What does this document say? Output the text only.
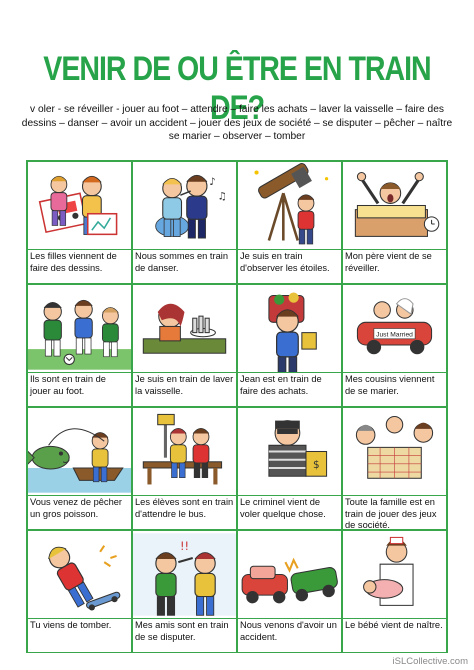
VENIR DE OU ÊTRE EN TRAIN DE?
v oler - se réveiller - jouer au foot – attendre – faire les achats – laver la vaisselle – faire des
dessins – danser – avoir un accident – jouer des jeux de société – se disputer – pêcher – naître
se marier – observer – tomber
Les filles viennent de faire des dessins.
♪
♫
Nous sommes en train de danser.
Je suis en train d'observer les étoiles.
Mon père vient de se réveiller.
Ils sont en train de jouer au foot.
Je suis en train de laver la vaisselle.
Jean est en train de faire des achats.
Just Married
Mes cousins viennent de se marier.
Vous venez de pêcher un gros poisson.
Les élèves sont en train d'attendre le bus.
$
Le criminel vient de voler quelque chose.
Toute la famille est en train de jouer des jeux de société.
Tu viens de tomber.
!!
Mes amis sont en train de se disputer.
Nous venons d'avoir un accident.
Le bébé vient de naître.
iSLCollective.com
